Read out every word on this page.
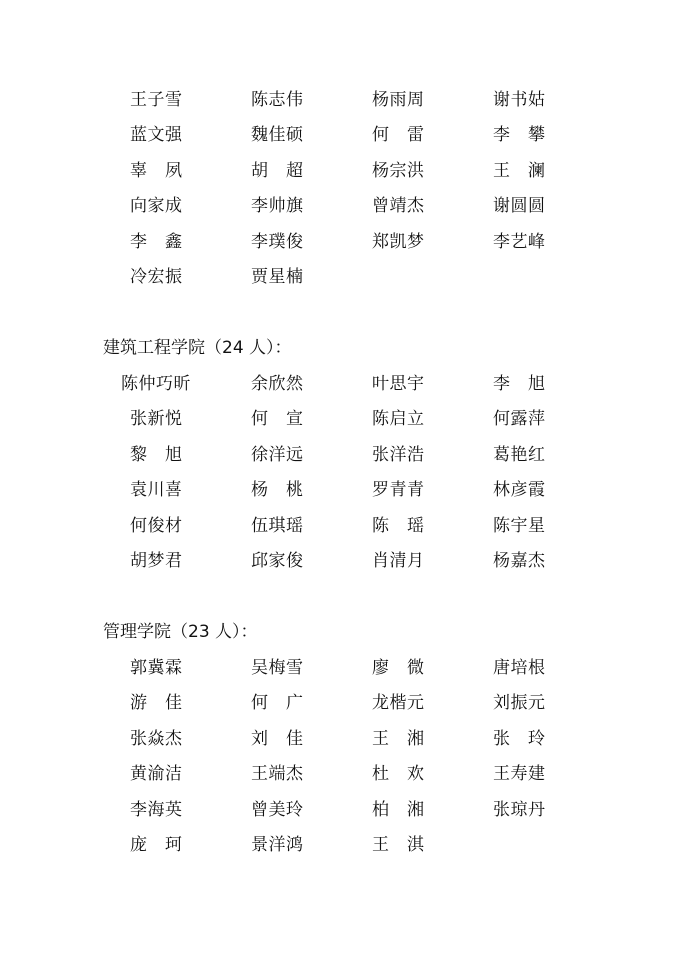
王子雪	陈志伟	杨雨周	谢书姑
蓝文强	魏佳硕	何　雷	李　攀
辜　夙	胡　超	杨宗洪	王　澜
向家成	李帅旗	曾靖杰	谢圆圆
李　鑫	李璞俊	郑凯梦	李艺峰
冷宏振	贾星楠
建筑工程学院（24 人）：
陈仲巧昕	余欣然	叶思宇	李　旭
张新悦	何　宣	陈启立	何露萍
黎　旭	徐洋远	张洋浩	葛艳红
袁川喜	杨　桃	罗青青	林彦霞
何俊材	伍琪瑶	陈　瑶	陈宇星
胡梦君	邱家俊	肖清月	杨嘉杰
管理学院（23 人）：
郭冀霖	吴梅雪	廖　微	唐培根
游　佳	何　广	龙楷元	刘振元
张焱杰	刘　佳	王　湘	张　玲
黄渝洁	王端杰	杜　欢	王寿建
李海英	曾美玲	柏　湘	张琼丹
庞　珂	景洋鸿	王　淇
